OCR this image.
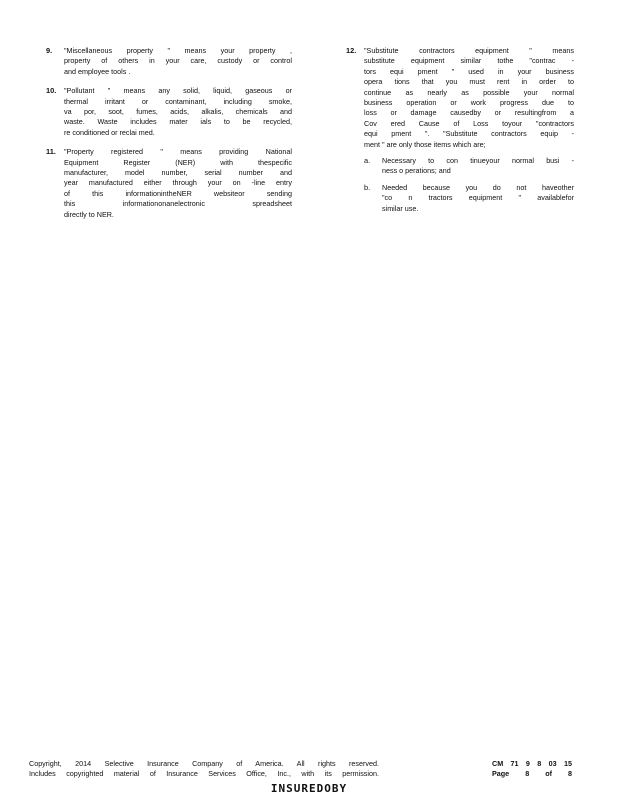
9. "Miscellaneous property " means your property ,
property of others in your care, custody or control
and employee tools .
10. "Pollutant " means any solid, liquid, gaseous or
thermal irritant or contaminant, including smoke,
va por, soot, fumes, acids, alkalis, chemicals and
waste. Waste includes mater ials to be recycled,
re conditioned or reclai med.
11. "Property registered " means providing National
Equipment Register (NER) with thespecific
manufacturer, model number, serial number and
year manufactured either through your on -line entry
of this informationintheNER websiteor sending
this informationonanelectronic spreadsheet
directly to NER.
12. "Substitute contractors equipment " means
substitute equipment similar tothe "contrac -
tors equi pment " used in your business
opera tions that you must rent in order to
continue as nearly as possible your normal
business operation or work progress due to
loss or damage causedby or resultingfrom a
Cov ered Cause of Loss toyour "contractors
equi pment ". "Substitute contractors equip -
ment " are only those items which are;
a. Necessary to con tinueyour normal busi -
ness o perations; and
b. Needed because you do not haveother
"co n tractors equipment " availablefor
similar use.
Copyright, 2014 Selective Insurance Company of America. All rights reserved.
Includes copyrighted material of Insurance Services Office, Inc., with its permission.
CM 71 9 8 03 15
Page 8 of 8
INSUREDOBY
